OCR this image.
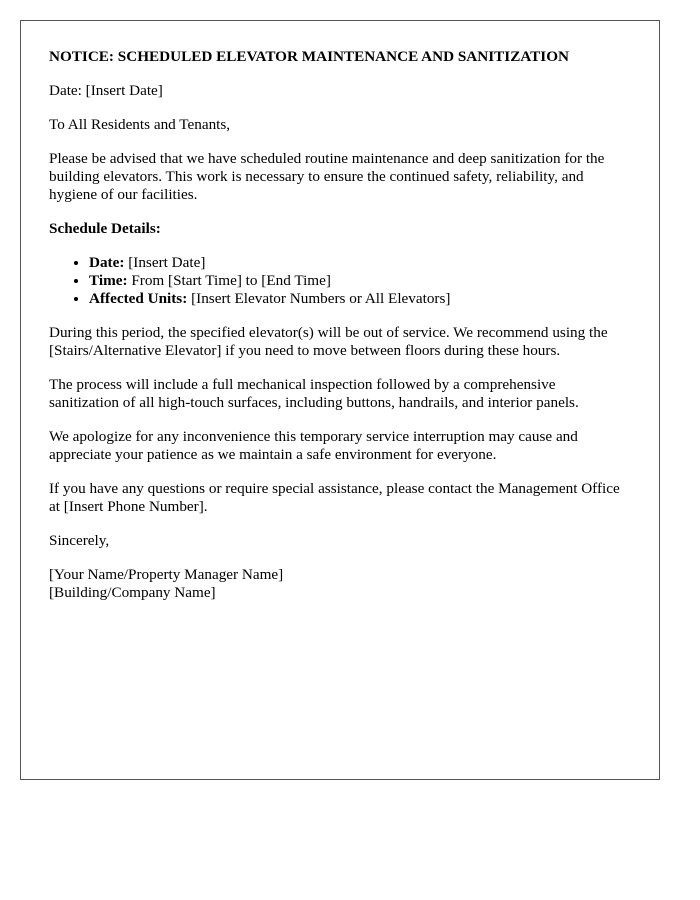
NOTICE: SCHEDULED ELEVATOR MAINTENANCE AND SANITIZATION

Date: [Insert Date]

To All Residents and Tenants,

Please be advised that we have scheduled routine maintenance and deep sanitization for the building elevators. This work is necessary to ensure the continued safety, reliability, and hygiene of our facilities.

Schedule Details:
• Date: [Insert Date]
• Time: From [Start Time] to [End Time]
• Affected Units: [Insert Elevator Numbers or All Elevators]

During this period, the specified elevator(s) will be out of service. We recommend using the [Stairs/Alternative Elevator] if you need to move between floors during these hours.

The process will include a full mechanical inspection followed by a comprehensive sanitization of all high-touch surfaces, including buttons, handrails, and interior panels.

We apologize for any inconvenience this temporary service interruption may cause and appreciate your patience as we maintain a safe environment for everyone.

If you have any questions or require special assistance, please contact the Management Office at [Insert Phone Number].

Sincerely,

[Your Name/Property Manager Name]
[Building/Company Name]
